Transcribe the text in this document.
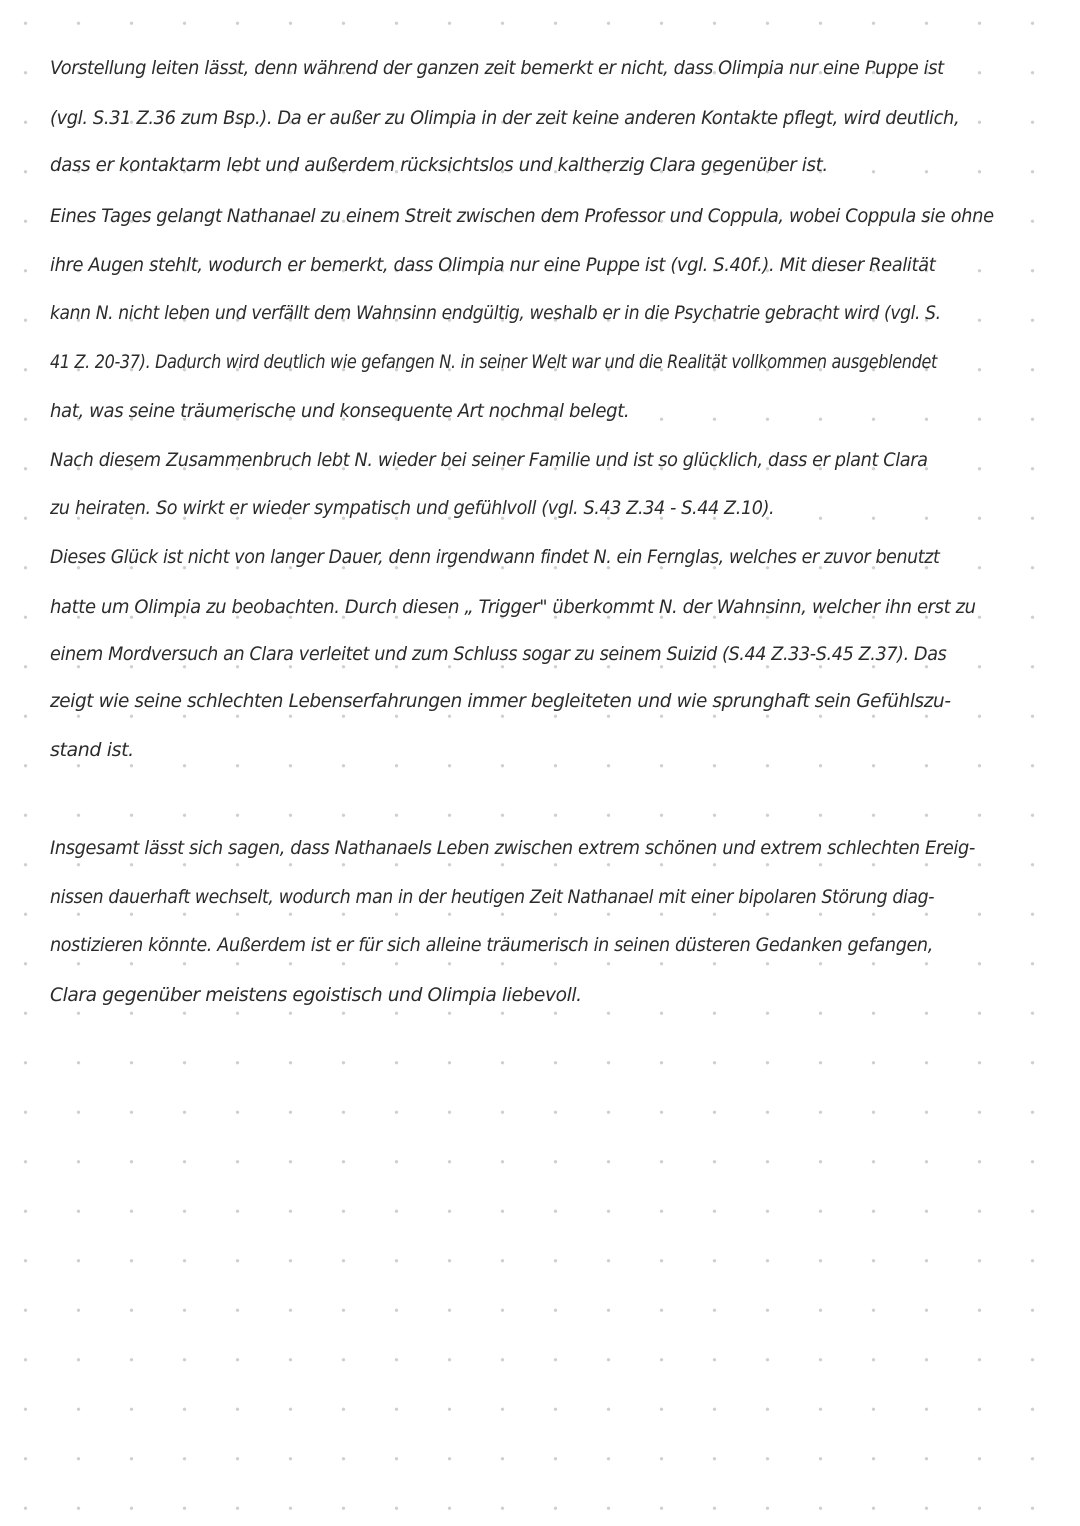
Vorstellung leiten lässt, denn während der ganzen zeit bemerkt er nicht, dass Olimpia nur eine Puppe ist
(vgl. S.31 Z.36 zum Bsp.). Da er außer zu Olimpia in der zeit keine anderen Kontakte pflegt, wird deutlich,
dass er kontaktarm lebt und außerdem rücksichtslos und kaltherzig Clara gegenüber ist.
Eines Tages gelangt Nathanael zu einem Streit zwischen dem Professor und Coppula, wobei Coppula sie ohne
ihre Augen stehlt, wodurch er bemerkt, dass Olimpia nur eine Puppe ist (vgl. S.40f.). Mit dieser Realität
kann N. nicht leben und verfällt dem Wahnsinn endgültig, weshalb er in die Psychatrie gebracht wird (vgl. S.
41 Z. 20-37). Dadurch wird deutlich wie gefangen N. in seiner Welt war und die Realität vollkommen ausgeblendet
hat, was seine träumerische und konsequente Art nochmal belegt.
Nach diesem Zusammenbruch lebt N. wieder bei seiner Familie und ist so glücklich, dass er plant Clara
zu heiraten. So wirkt er wieder sympatisch und gefühlvoll (vgl. S.43 Z.34 - S.44 Z.10).
Dieses Glück ist nicht von langer Dauer, denn irgendwann findet N. ein Fernglas, welches er zuvor benutzt
hatte um Olimpia zu beobachten. Durch diesen „ Trigger" überkommt N. der Wahnsinn, welcher ihn erst zu
einem Mordversuch an Clara verleitet und zum Schluss sogar zu seinem Suizid (S.44 Z.33-S.45 Z.37). Das
zeigt wie seine schlechten Lebenserfahrungen immer begleiteten und wie sprunghaft sein Gefühlszu-
stand ist.
Insgesamt lässt sich sagen, dass Nathanaels Leben zwischen extrem schönen und extrem schlechten Ereig-
nissen dauerhaft wechselt, wodurch man in der heutigen Zeit Nathanael mit einer bipolaren Störung diag-
nostizieren könnte. Außerdem ist er für sich alleine träumerisch in seinen düsteren Gedanken gefangen,
Clara gegenüber meistens egoistisch und Olimpia liebevoll.
